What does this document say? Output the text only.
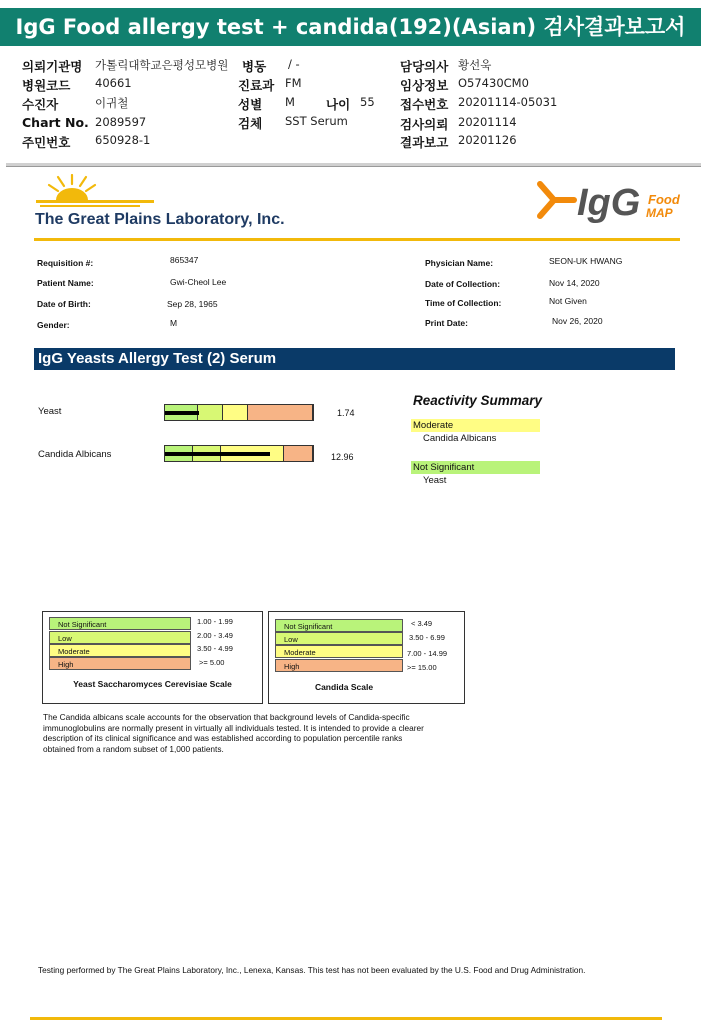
IgG Food allergy test + candida(192)(Asian) 검사결과보고서
의뢰기관명 가톨릭대학교은평성모병원 병동 / -	담당의사 황선욱
병원코드 40661	진료과 FM	임상정보 O57430CM0
수진자	이귀철	성별 M 나이 55 접수번호 20201114-05031
Chart No. 2089597	검체 SST Serum	검사의뢰 20201114
주민번호 650928-1	결과보고 20201126
The Great Plains Laboratory, Inc.	IgG Food
MAP
Requisition #:	865347
Patient Name:	Gwi-Cheol Lee
Date of Birth:	Sep 28, 1965
Gender:	M
Physician Name:	SEON-UK HWANG
Date of Collection:	Nov 14, 2020
Time of Collection:	Not Given
Print Date:	Nov 26, 2020
IgG Yeasts Allergy Test (2) Serum
Yeast	1.74
Candida Albicans	12.96
Reactivity Summary
Moderate
Candida Albicans
Not Significant
Yeast
Not Significant	1.00 - 1.99
Low	2.00 - 3.49
Moderate	3.50 - 4.99
High	>= 5.00
Yeast Saccharomyces Cerevisiae Scale
Not Significant	< 3.49
Low	3.50 - 6.99
Moderate	7.00 - 14.99
High	>= 15.00
Candida Scale
The Candida albicans scale accounts for the observation that background levels of Candida-specific immunoglobulins are normally present in virtually all individuals tested. It is intended to provide a clearer description of its clinical significance and was established according to population percentile ranks obtained from a random subset of 1,000 patients.
Testing performed by The Great Plains Laboratory, Inc., Lenexa, Kansas. This test has not been evaluated by the U.S. Food and Drug Administration.
